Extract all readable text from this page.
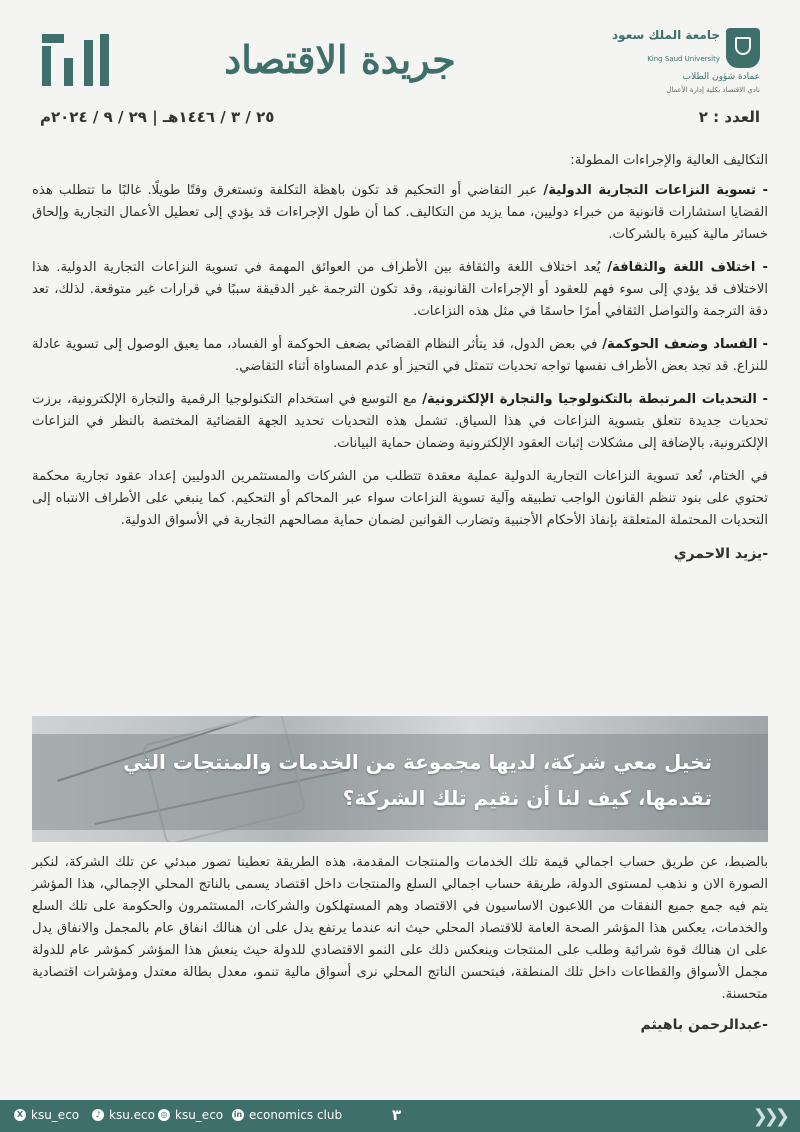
جريدة الاقتصاد
جامعة الملك سعود
King Saud University
عمادة شؤون الطلاب
نادي الاقتصاد بكلية إدارة الأعمال
العدد : ٢
٢٥ / ٣ / ١٤٤٦هـ | ٢٩ / ٩ / ٢٠٢٤م

التكاليف العالية والإجراءات المطولة:

- تسوية النزاعات التجارية الدولية/ عبر التقاضي أو التحكيم قد تكون باهظة التكلفة وتستغرق وقتًا طويلًا. غالبًا ما تتطلب هذه القضايا استشارات قانونية من خبراء دوليين، مما يزيد من التكاليف. كما أن طول الإجراءات قد يؤدي إلى تعطيل الأعمال التجارية وإلحاق خسائر مالية كبيرة بالشركات.

- اختلاف اللغة والثقافة/ يُعد اختلاف اللغة والثقافة بين الأطراف من العوائق المهمة في تسوية النزاعات التجارية الدولية. هذا الاختلاف قد يؤدي إلى سوء فهم للعقود أو الإجراءات القانونية، وقد تكون الترجمة غير الدقيقة سببًا في قرارات غير متوقعة. لذلك، تعد دقة الترجمة والتواصل الثقافي أمرًا حاسمًا في مثل هذه النزاعات.

- الفساد وضعف الحوكمة/ في بعض الدول، قد يتأثر النظام القضائي بضعف الحوكمة أو الفساد، مما يعيق الوصول إلى تسوية عادلة للنزاع. قد تجد بعض الأطراف نفسها تواجه تحديات تتمثل في التحيز أو عدم المساواة أثناء التقاضي.

- التحديات المرتبطة بالتكنولوجيا والتجارة الإلكترونية/ مع التوسع في استخدام التكنولوجيا الرقمية والتجارة الإلكترونية، برزت تحديات جديدة تتعلق بتسوية النزاعات في هذا السياق. تشمل هذه التحديات تحديد الجهة القضائية المختصة بالنظر في النزاعات الإلكترونية، بالإضافة إلى مشكلات إثبات العقود الإلكترونية وضمان حماية البيانات.

في الختام، تُعد تسوية النزاعات التجارية الدولية عملية معقدة تتطلب من الشركات والمستثمرين الدوليين إعداد عقود تجارية محكمة تحتوي على بنود تنظم القانون الواجب تطبيقه وآلية تسوية النزاعات سواء عبر المحاكم أو التحكيم. كما ينبغي على الأطراف الانتباه إلى التحديات المحتملة المتعلقة بإنفاذ الأحكام الأجنبية وتضارب القوانين لضمان حماية مصالحهم التجارية في الأسواق الدولية.

-يزيد الاحمري

تخيل معي شركة، لديها مجموعة من الخدمات والمنتجات التي
تقدمها، كيف لنا أن نقيم تلك الشركة؟

بالضبط، عن طريق حساب اجمالي قيمة تلك الخدمات والمنتجات المقدمة، هذه الطريقة تعطينا تصور مبدئي عن تلك الشركة، لنكبر الصورة الان و نذهب لمستوى الدولة، طريقة حساب اجمالي السلع والمنتجات داخل اقتصاد يسمى بالناتج المحلي الإجمالي، هذا المؤشر يتم فيه جمع جميع النفقات من اللاعبون الاساسيون في الاقتصاد وهم المستهلكون والشركات، المستثمرون والحكومة على تلك السلع والخدمات، يعكس هذا المؤشر الصحة العامة للاقتصاد المحلي حيث انه عندما يرتفع يدل على ان هنالك انفاق عام بالمجمل والانفاق يدل على ان هنالك قوة شرائية وطلب على المنتجات وينعكس ذلك على النمو الاقتصادي للدولة حيث ينعش هذا المؤشر كمؤشر عام للدولة مجمل الأسواق والقطاعات داخل تلك المنطقة، فبتحسن الناتج المحلي نرى أسواق مالية تنمو، معدل بطالة معتدل ومؤشرات اقتصادية متحسنة.

-عبدالرحمن باهيثم

X ksu_eco	♪ ksu.eco ◎ ksu_eco in economics club	٣	❯❯❯
